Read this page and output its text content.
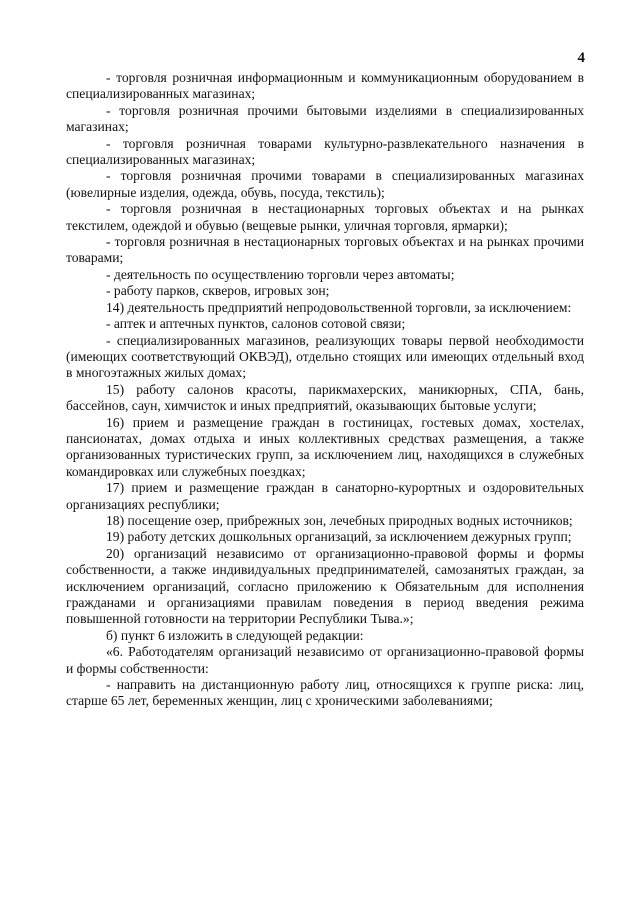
4

- торговля розничная информационным и коммуникационным оборудованием в специализированных магазинах;

- торговля розничная прочими бытовыми изделиями в специализированных магазинах;

- торговля розничная товарами культурно-развлекательного назначения в специализированных магазинах;

- торговля розничная прочими товарами в специализированных магазинах (ювелирные изделия, одежда, обувь, посуда, текстиль);

- торговля розничная в нестационарных торговых объектах и на рынках текстилем, одеждой и обувью (вещевые рынки, уличная торговля, ярмарки);

- торговля розничная в нестационарных торговых объектах и на рынках прочими товарами;

- деятельность по осуществлению торговли через автоматы;

- работу парков, скверов, игровых зон;

14) деятельность предприятий непродовольственной торговли, за исключением:

- аптек и аптечных пунктов, салонов сотовой связи;

- специализированных магазинов, реализующих товары первой необходимости (имеющих соответствующий ОКВЭД), отдельно стоящих или имеющих отдельный вход в многоэтажных жилых домах;

15) работу салонов красоты, парикмахерских, маникюрных, СПА, бань, бассейнов, саун, химчисток и иных предприятий, оказывающих бытовые услуги;

16) прием и размещение граждан в гостиницах, гостевых домах, хостелах, пансионатах, домах отдыха и иных коллективных средствах размещения, а также организованных туристических групп, за исключением лиц, находящихся в служебных командировках или служебных поездках;

17) прием и размещение граждан в санаторно-курортных и оздоровительных организациях республики;

18) посещение озер, прибрежных зон, лечебных природных водных источников;

19) работу детских дошкольных организаций, за исключением дежурных групп;

20) организаций независимо от организационно-правовой формы и формы собственности, а также индивидуальных предпринимателей, самозанятых граждан, за исключением организаций, согласно приложению к Обязательным для исполнения гражданами и организациями правилам поведения в период введения режима повышенной готовности на территории Республики Тыва.»;

б) пункт 6 изложить в следующей редакции:

«6. Работодателям организаций независимо от организационно-правовой формы и формы собственности:

- направить на дистанционную работу лиц, относящихся к группе риска: лиц, старше 65 лет, беременных женщин, лиц с хроническими заболеваниями;
